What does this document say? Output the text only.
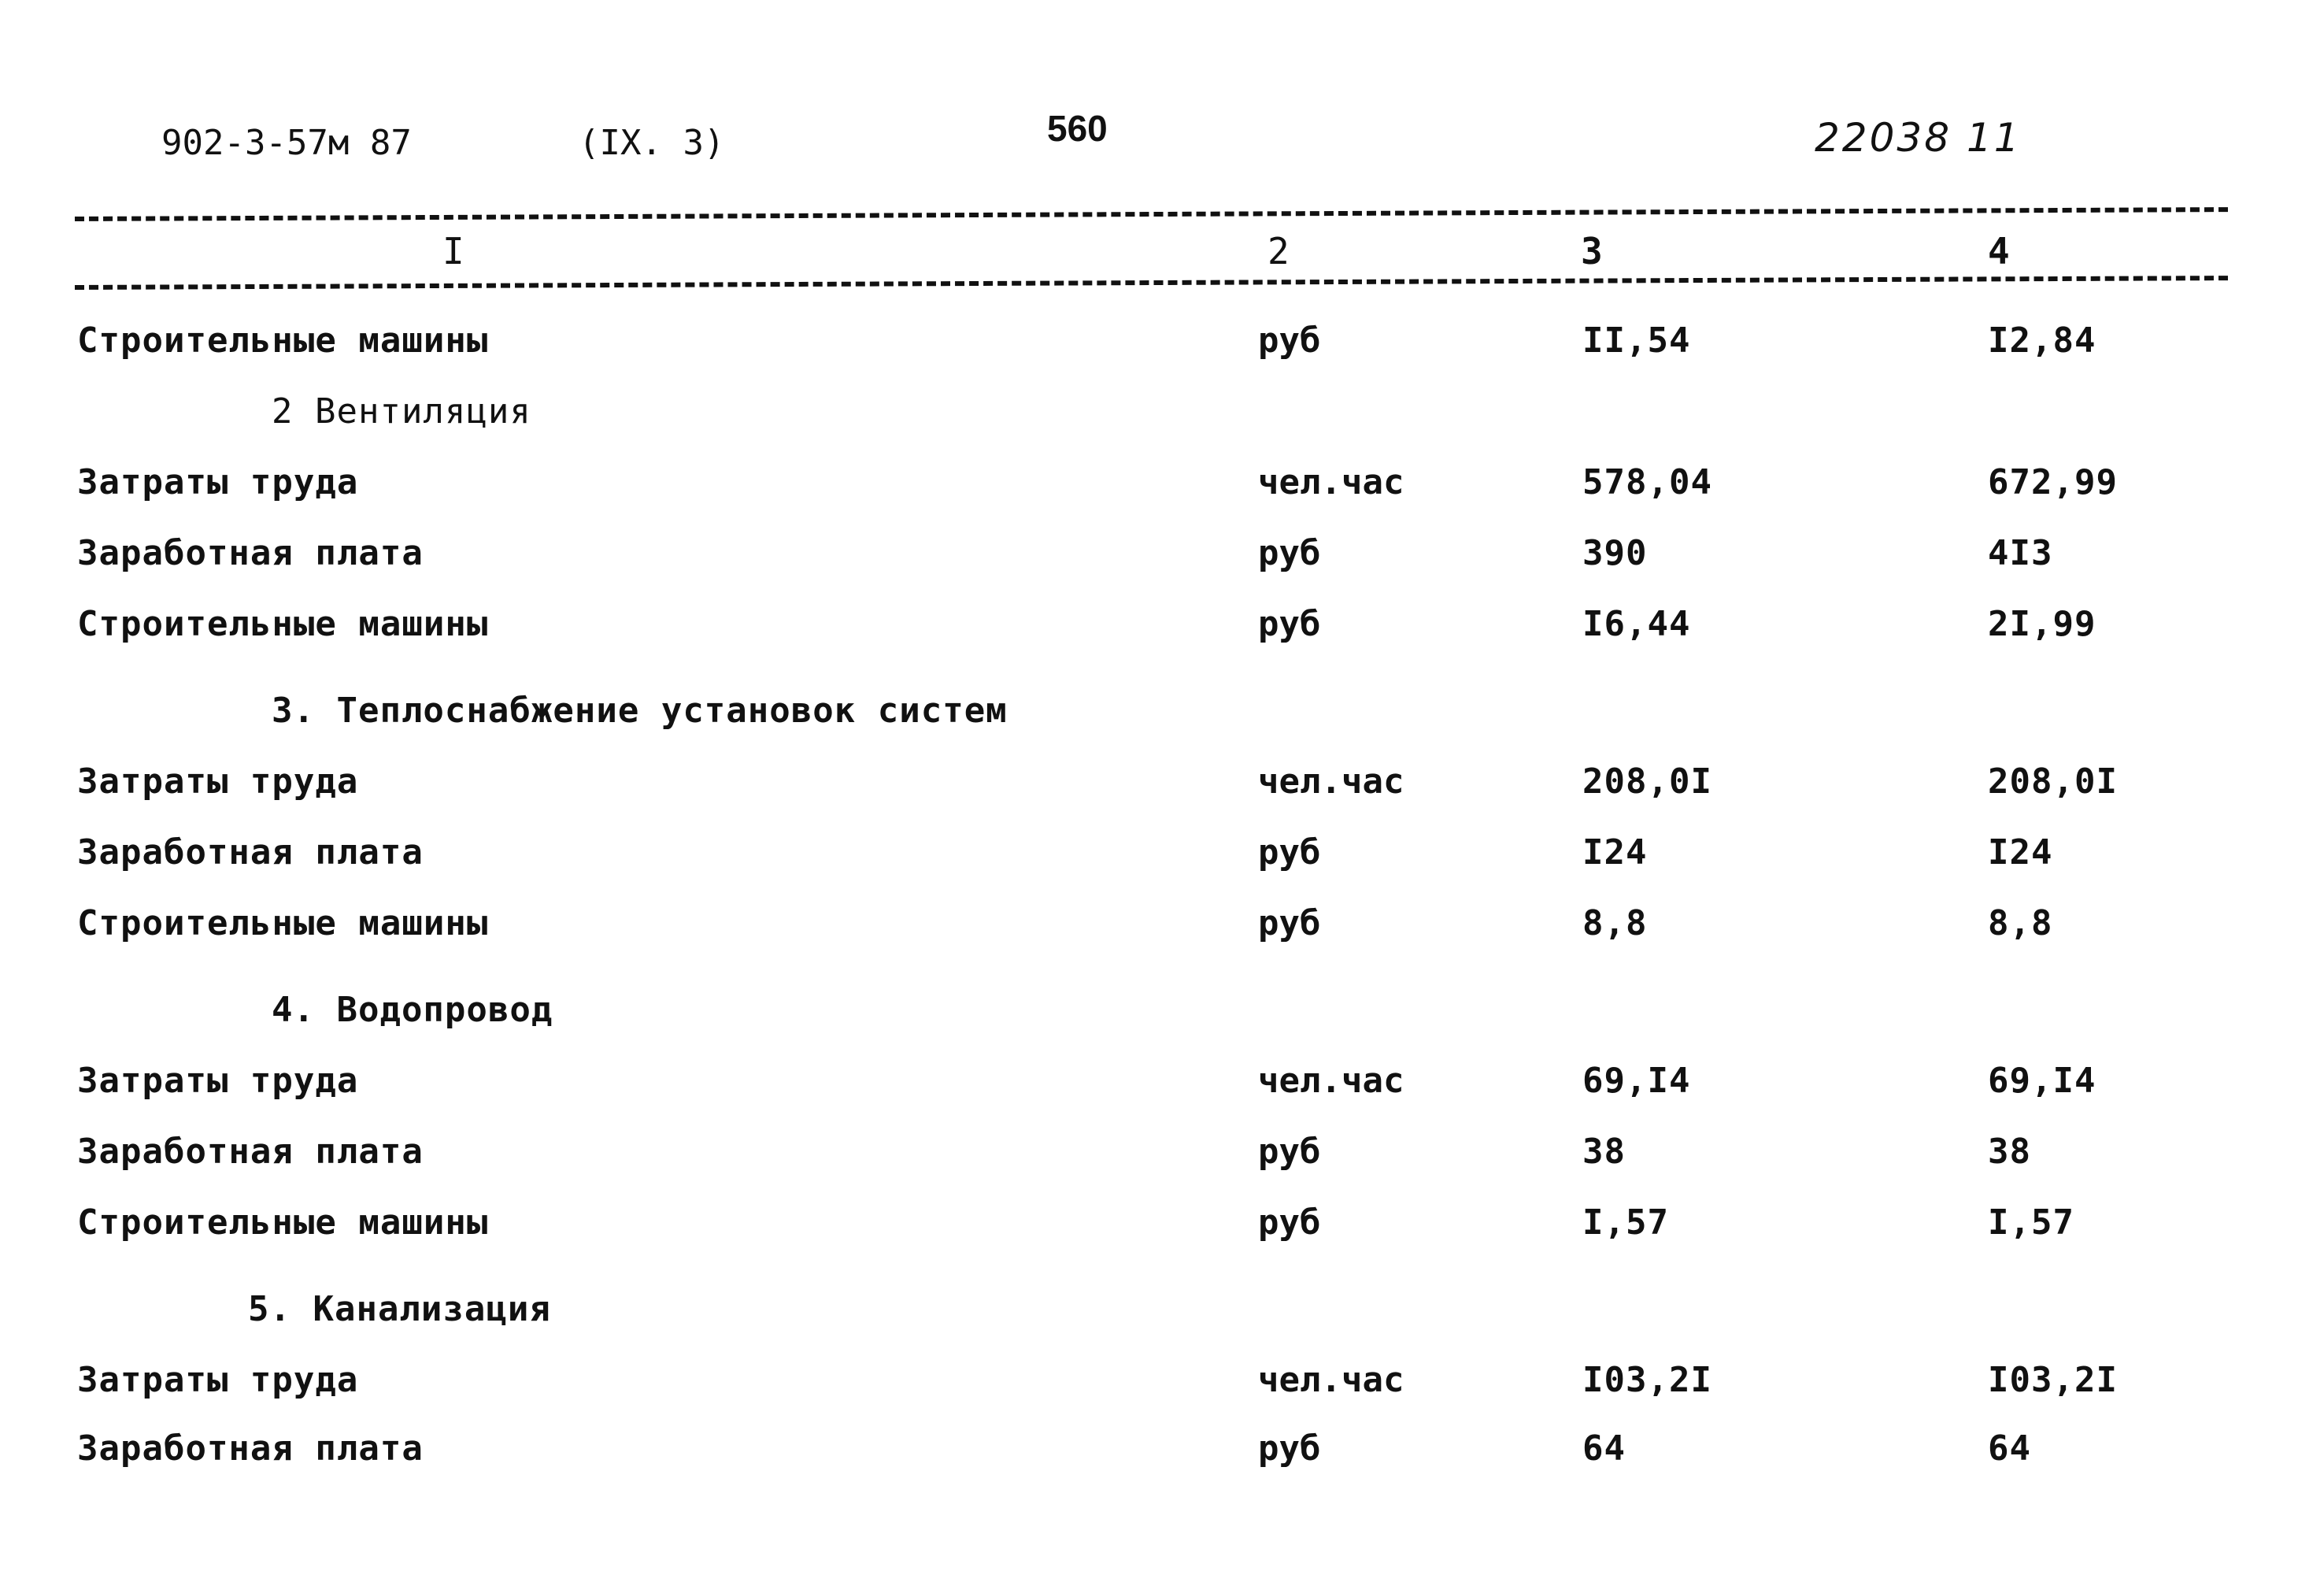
902-3-57м 87	(IX. 3)	560	22038 11
I	2	3	4
Строительные машины	руб	II,54	I2,84
2 Вентиляция
Затраты труда	чел.час	578,04	672,99
Заработная плата	руб	390	4I3
Строительные машины	руб	I6,44	2I,99
3. Теплоснабжение установок систем
Затраты труда	чел.час	208,0I	208,0I
Заработная плата	руб	I24	I24
Строительные машины	руб	8,8	8,8
4. Водопровод
Затраты труда	чел.час	69,I4	69,I4
Заработная плата	руб	38	38
Строительные машины	руб	I,57	I,57
5. Канализация
Затраты труда	чел.час	I03,2I	I03,2I
Заработная плата	руб	64	64
